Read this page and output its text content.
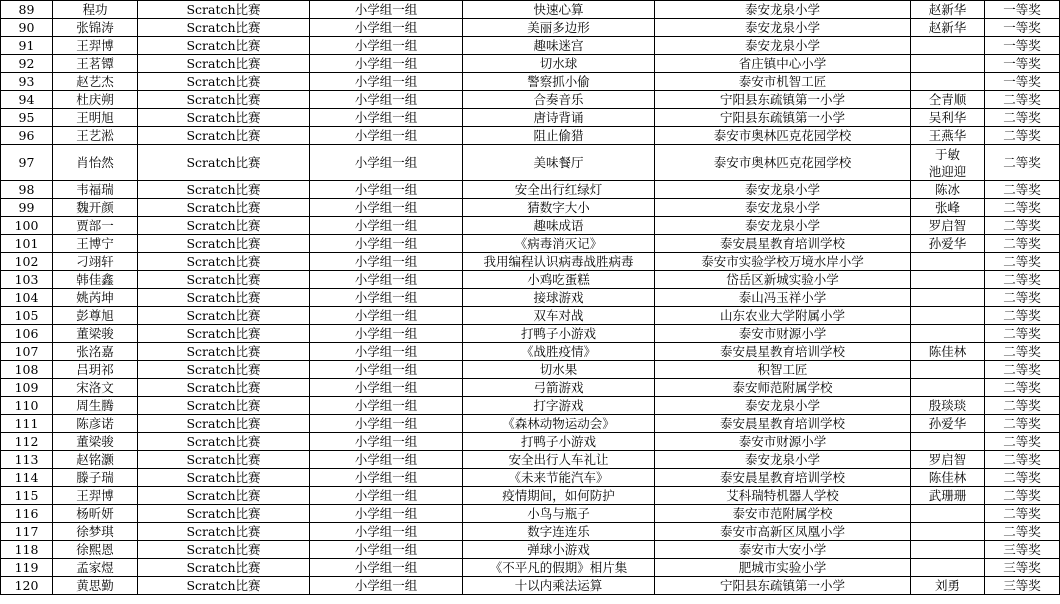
89	程功	Scratch比赛	小学组一组	快速心算	泰安龙泉小学	赵新华	一等奖
90	张锦涛	Scratch比赛	小学组一组	美丽多边形	泰安龙泉小学	赵新华	一等奖
91	王羿博	Scratch比赛	小学组一组	趣味迷宫	泰安龙泉小学		一等奖
92	王茗镡	Scratch比赛	小学组一组	切水球	省庄镇中心小学		一等奖
93	赵艺杰	Scratch比赛	小学组一组	警察抓小偷	泰安市机智工匠		一等奖
94	杜庆朔	Scratch比赛	小学组一组	合奏音乐	宁阳县东疏镇第一小学	仝青顺	二等奖
95	王明旭	Scratch比赛	小学组一组	唐诗背诵	宁阳县东疏镇第一小学	吴利华	二等奖
96	王艺淞	Scratch比赛	小学组一组	阻止偷猎	泰安市奥林匹克花园学校	王燕华	二等奖
97	肖怡然	Scratch比赛	小学组一组	美味餐厅	泰安市奥林匹克花园学校	于敏
池迎迎	二等奖
98	韦福瑞	Scratch比赛	小学组一组	安全出行红绿灯	泰安龙泉小学	陈冰	二等奖
99	魏开颜	Scratch比赛	小学组一组	猜数字大小	泰安龙泉小学	张峰	二等奖
100	贾部一	Scratch比赛	小学组一组	趣味成语	泰安龙泉小学	罗启智	二等奖
101	王博宁	Scratch比赛	小学组一组	《病毒消灭记》	泰安晨星教育培训学校	孙爱华	二等奖
102	刁翊轩	Scratch比赛	小学组一组	我用编程认识病毒战胜病毒	泰安市实验学校万境水岸小学		二等奖
103	韩佳鑫	Scratch比赛	小学组一组	小鸡吃蛋糕	岱岳区新城实验小学		二等奖
104	姚芮坤	Scratch比赛	小学组一组	接球游戏	泰山冯玉祥小学		二等奖
105	彭尊旭	Scratch比赛	小学组一组	双车对战	山东农业大学附属小学		二等奖
106	董梁骏	Scratch比赛	小学组一组	打鸭子小游戏	泰安市财源小学		二等奖
107	张洺嘉	Scratch比赛	小学组一组	《战胜疫情》	泰安晨星教育培训学校	陈佳林	二等奖
108	吕玥祁	Scratch比赛	小学组一组	切水果	积智工匠		二等奖
109	宋洛文	Scratch比赛	小学组一组	弓箭游戏	泰安师范附属学校		二等奖
110	周生腾	Scratch比赛	小学组一组	打字游戏	泰安龙泉小学	殷琰琰	二等奖
111	陈彦诺	Scratch比赛	小学组一组	《森林动物运动会》	泰安晨星教育培训学校	孙爱华	二等奖
112	董梁骏	Scratch比赛	小学组一组	打鸭子小游戏	泰安市财源小学		二等奖
113	赵铭灏	Scratch比赛	小学组一组	安全出行人车礼让	泰安龙泉小学	罗启智	二等奖
114	滕子瑞	Scratch比赛	小学组一组	《未来节能汽车》	泰安晨星教育培训学校	陈佳林	二等奖
115	王羿博	Scratch比赛	小学组一组	疫情期间，如何防护	艾科瑞特机器人学校	武珊珊	二等奖
116	杨昕妍	Scratch比赛	小学组一组	小鸟与瓶子	泰安市范附属学校		二等奖
117	徐梦琪	Scratch比赛	小学组一组	数字连连乐	泰安市高新区凤凰小学		二等奖
118	徐熙恩	Scratch比赛	小学组一组	弹球小游戏	泰安市大安小学		三等奖
119	孟家煜	Scratch比赛	小学组一组	《不平凡的假期》相片集	肥城市实验小学		三等奖
120	黄思勤	Scratch比赛	小学组一组	十以内乘法运算	宁阳县东疏镇第一小学	刘勇	三等奖
